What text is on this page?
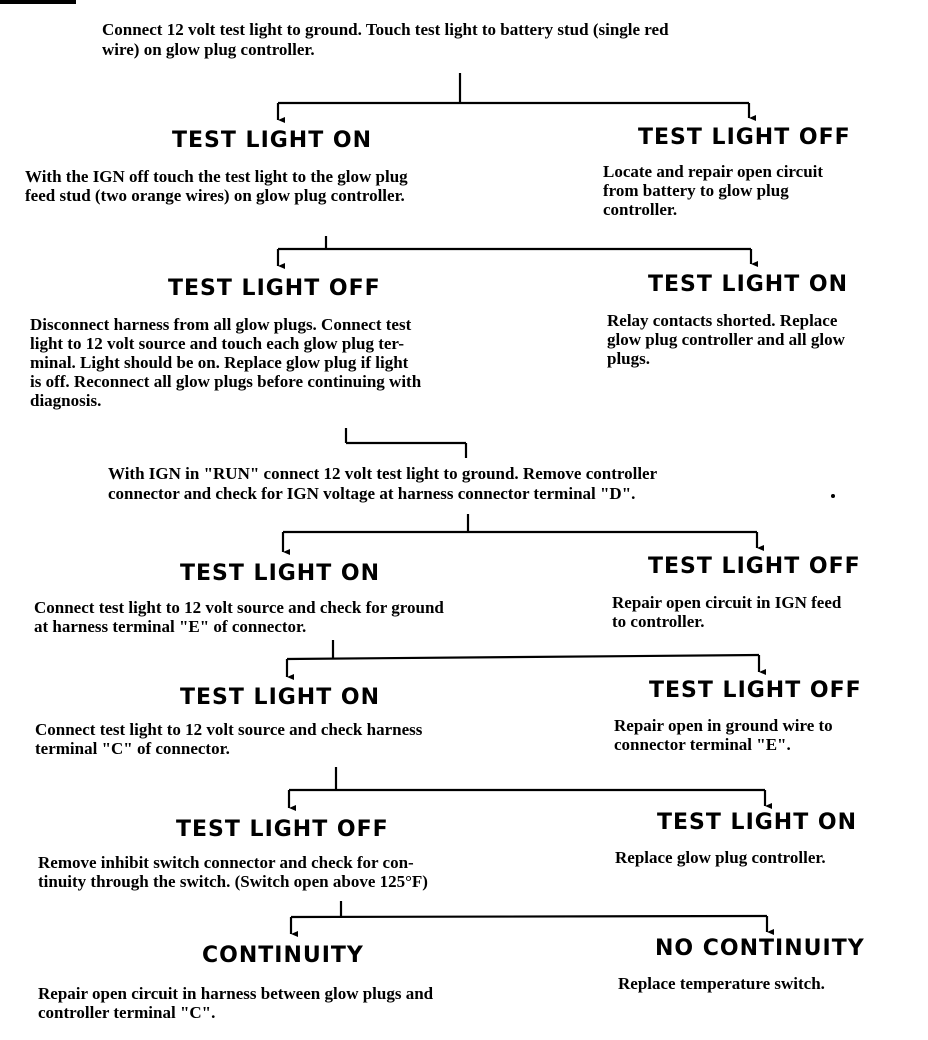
Connect 12 volt test light to ground. Touch test light to battery stud (single red
wire) on glow plug controller.
TEST LIGHT ON
With the IGN off touch the test light to the glow plug
feed stud (two orange wires) on glow plug controller.
TEST LIGHT OFF
Locate and repair open circuit
from battery to glow plug
controller.
TEST LIGHT OFF
Disconnect harness from all glow plugs. Connect test
light to 12 volt source and touch each glow plug ter-
minal. Light should be on. Replace glow plug if light
is off. Reconnect all glow plugs before continuing with
diagnosis.
TEST LIGHT ON
Relay contacts shorted. Replace
glow plug controller and all glow
plugs.
With IGN in "RUN" connect 12 volt test light to ground. Remove controller
connector and check for IGN voltage at harness connector terminal "D".
TEST LIGHT ON
Connect test light to 12 volt source and check for ground
at harness terminal "E" of connector.
TEST LIGHT OFF
Repair open circuit in IGN feed
to controller.
TEST LIGHT ON
Connect test light to 12 volt source and check harness
terminal "C" of connector.
TEST LIGHT OFF
Repair open in ground wire to
connector terminal "E".
TEST LIGHT OFF
Remove inhibit switch connector and check for con-
tinuity through the switch. (Switch open above 125°F)
TEST LIGHT ON
Replace glow plug controller.
CONTINUITY
Repair open circuit in harness between glow plugs and
controller terminal "C".
NO CONTINUITY
Replace temperature switch.
